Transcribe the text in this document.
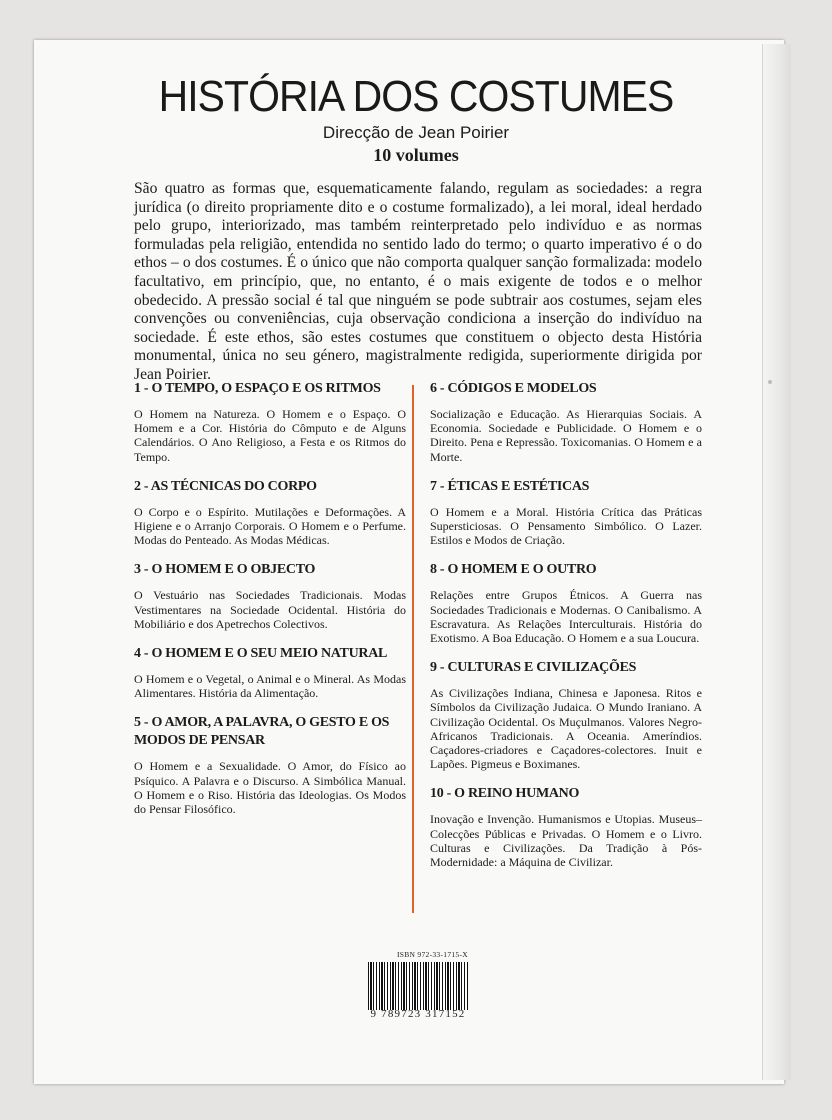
HISTÓRIA DOS COSTUMES
Direcção de Jean Poirier
10 volumes

São quatro as formas que, esquematicamente falando, regulam as sociedades: a regra jurídica (o direito propriamente dito e o costume formalizado), a lei moral, ideal herdado pelo grupo, interiorizado, mas também reinterpretado pelo indivíduo e as normas formuladas pela religião, entendida no sentido lado do termo; o quarto imperativo é o do ethos – o dos costumes. É o único que não comporta qualquer sanção formalizada: modelo facultativo, em princípio, que, no entanto, é o mais exigente de todos e o melhor obedecido. A pressão social é tal que ninguém se pode subtrair aos costumes, sejam eles convenções ou conveniências, cuja observação condiciona a inserção do indivíduo na sociedade. É este ethos, são estes costumes que constituem o objecto desta História monumental, única no seu género, magistralmente redigida, superiormente dirigida por Jean Poirier.

1 - O TEMPO, O ESPAÇO E OS RITMOS

O Homem na Natureza. O Homem e o Espaço. O Homem e a Cor. História do Cômputo e de Alguns Calendários. O Ano Religioso, a Festa e os Ritmos do Tempo.

2 - AS TÉCNICAS DO CORPO

O Corpo e o Espírito. Mutilações e Deformações. A Higiene e o Arranjo Corporais. O Homem e o Perfume. Modas do Penteado. As Modas Médicas.

3 - O HOMEM E O OBJECTO

O Vestuário nas Sociedades Tradicionais. Modas Vestimentares na Sociedade Ocidental. História do Mobiliário e dos Apetrechos Colectivos.

4 - O HOMEM E O SEU MEIO NATURAL

O Homem e o Vegetal, o Animal e o Mineral. As Modas Alimentares. História da Alimentação.

5 - O AMOR, A PALAVRA, O GESTO E OS MODOS DE PENSAR

O Homem e a Sexualidade. O Amor, do Físico ao Psíquico. A Palavra e o Discurso. A Simbólica Manual. O Homem e o Riso. História das Ideologias. Os Modos do Pensar Filosófico.

6 - CÓDIGOS E MODELOS

Socialização e Educação. As Hierarquias Sociais. A Economia. Sociedade e Publicidade. O Homem e o Direito. Pena e Repressão. Toxicomanias. O Homem e a Morte.

7 - ÉTICAS E ESTÉTICAS

O Homem e a Moral. História Crítica das Práticas Supersticiosas. O Pensamento Simbólico. O Lazer. Estilos e Modos de Criação.

8 - O HOMEM E O OUTRO

Relações entre Grupos Étnicos. A Guerra nas Sociedades Tradicionais e Modernas. O Canibalismo. A Escravatura. As Relações Interculturais. História do Exotismo. A Boa Educação. O Homem e a sua Loucura.

9 - CULTURAS E CIVILIZAÇÕES

As Civilizações Indiana, Chinesa e Japonesa. Ritos e Símbolos da Civilização Judaica. O Mundo Iraniano. A Civilização Ocidental. Os Muçulmanos. Valores Negro-Africanos Tradicionais. A Oceania. Ameríndios. Caçadores-criadores e Caçadores-colectores. Inuit e Lapões. Pigmeus e Boximanes.

10 - O REINO HUMANO

Inovação e Invenção. Humanismos e Utopias. Museus–Colecções Públicas e Privadas. O Homem e o Livro. Culturas e Civilizações. Da Tradição à Pós-Modernidade: a Máquina de Civilizar.

ISBN 972-33-1715-X
9 789723 317152
